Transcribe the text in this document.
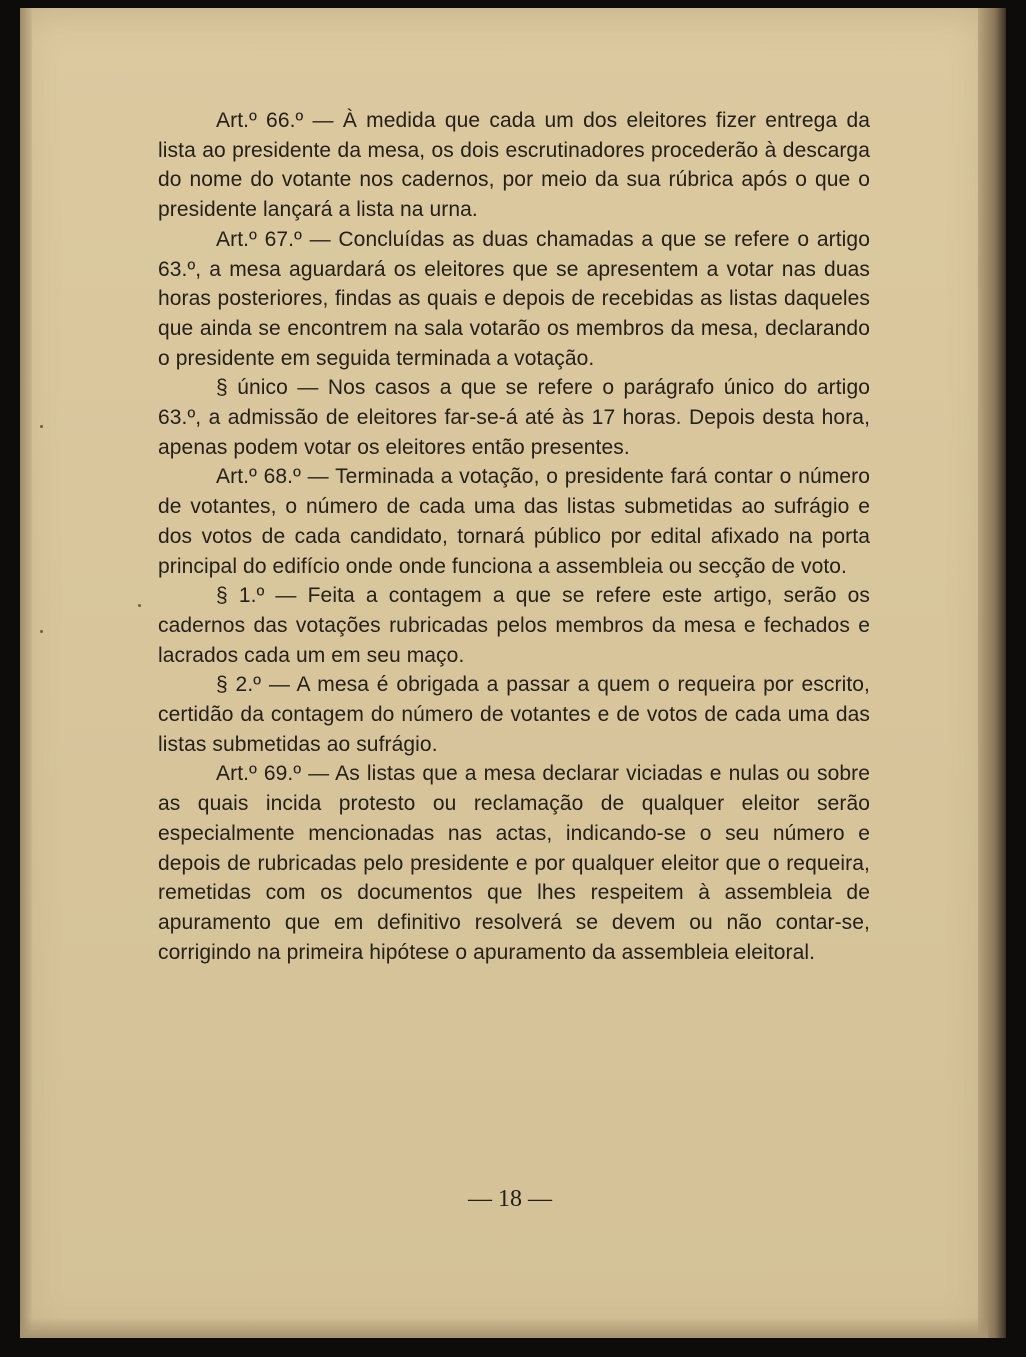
Art.º 66.º — À medida que cada um dos eleitores fizer entrega da lista ao presidente da mesa, os dois escrutinadores procederão à descarga do nome do votante nos cadernos, por meio da sua rúbrica após o que o presidente lançará a lista na urna.

Art.º 67.º — Concluídas as duas chamadas a que se refere o artigo 63.º, a mesa aguardará os eleitores que se apresentem a votar nas duas horas posteriores, findas as quais e depois de recebidas as listas daqueles que ainda se encontrem na sala votarão os membros da mesa, declarando o presidente em seguida terminada a votação.

§ único — Nos casos a que se refere o parágrafo único do artigo 63.º, a admissão de eleitores far-se-á até às 17 horas. Depois desta hora, apenas podem votar os eleitores então presentes.

Art.º 68.º — Terminada a votação, o presidente fará contar o número de votantes, o número de cada uma das listas submetidas ao sufrágio e dos votos de cada candidato, tornará público por edital afixado na porta principal do edifício onde onde funciona a assembleia ou secção de voto.

§ 1.º — Feita a contagem a que se refere este artigo, serão os cadernos das votações rubricadas pelos membros da mesa e fechados e lacrados cada um em seu maço.

§ 2.º — A mesa é obrigada a passar a quem o requeira por escrito, certidão da contagem do número de votantes e de votos de cada uma das listas submetidas ao sufrágio.

Art.º 69.º — As listas que a mesa declarar viciadas e nulas ou sobre as quais incida protesto ou reclamação de qualquer eleitor serão especialmente mencionadas nas actas, indicando-se o seu número e depois de rubricadas pelo presidente e por qualquer eleitor que o requeira, remetidas com os documentos que lhes respeitem à assembleia de apuramento que em definitivo resolverá se devem ou não contar-se, corrigindo na primeira hipótese o apuramento da assembleia eleitoral.

— 18 —
